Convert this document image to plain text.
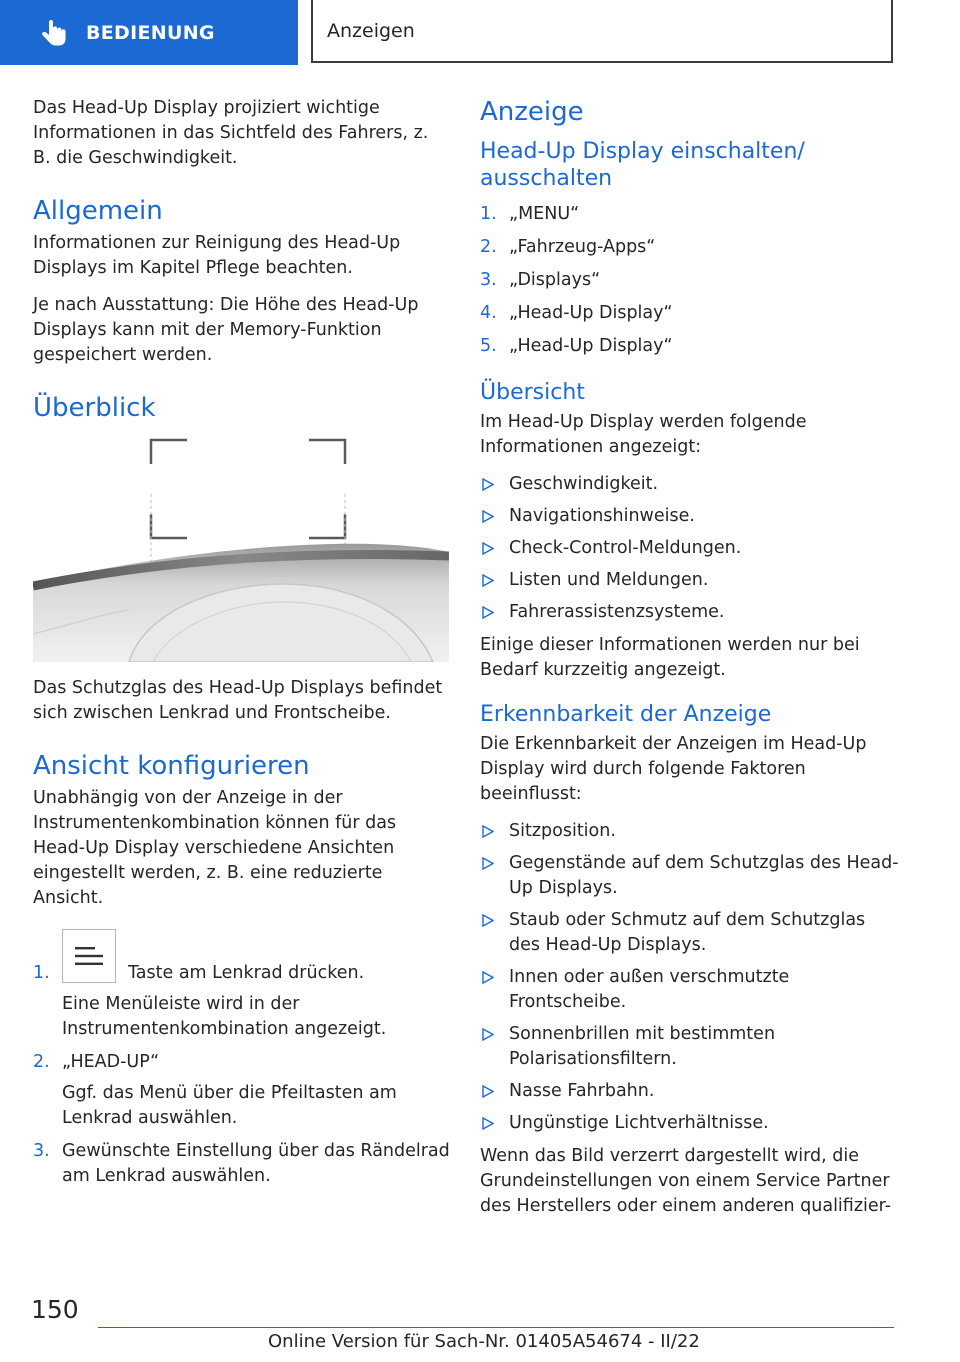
BEDIENUNG	Anzeigen

Das Head-Up Display projiziert wichtige Informationen in das Sichtfeld des Fahrers, z. B. die Geschwindigkeit.

Allgemein

Informationen zur Reinigung des Head-Up Displays im Kapitel Pflege beachten.

Je nach Ausstattung: Die Höhe des Head-Up Displays kann mit der Memory-Funktion gespeichert werden.

Überblick

Das Schutzglas des Head-Up Displays befindet sich zwischen Lenkrad und Frontscheibe.

Ansicht konfigurieren

Unabhängig von der Anzeige in der Instrumentenkombination können für das Head-Up Display verschiedene Ansichten eingestellt werden, z. B. eine reduzierte Ansicht.

1.	Taste am Lenkrad drücken.
Eine Menüleiste wird in der Instrumentenkombination angezeigt.
2. „HEAD-UP“
Ggf. das Menü über die Pfeiltasten am Lenkrad auswählen.
3. Gewünschte Einstellung über das Rändelrad am Lenkrad auswählen.
Anzeige
Head-Up Display einschalten/ ausschalten
1. „MENU“
2. „Fahrzeug-Apps“
3. „Displays“
4. „Head-Up Display“
5. „Head-Up Display“
Übersicht

Im Head-Up Display werden folgende Informationen angezeigt:

Geschwindigkeit.
Navigationshinweise.
Check-Control-Meldungen.
Listen und Meldungen.
Fahrerassistenzsysteme.

Einige dieser Informationen werden nur bei Bedarf kurzzeitig angezeigt.

Erkennbarkeit der Anzeige

Die Erkennbarkeit der Anzeigen im Head-Up Display wird durch folgende Faktoren beeinflusst:

Sitzposition.
Gegenstände auf dem Schutzglas des Head-Up Displays.
Staub oder Schmutz auf dem Schutzglas des Head-Up Displays.
Innen oder außen verschmutzte Frontscheibe.
Sonnenbrillen mit bestimmten Polarisationsfiltern.
Nasse Fahrbahn.
Ungünstige Lichtverhältnisse.

Wenn das Bild verzerrt dargestellt wird, die Grundeinstellungen von einem Service Partner des Herstellers oder einem anderen qualifizier-

150
Online Version für Sach-Nr. 01405A54674 - II/22
